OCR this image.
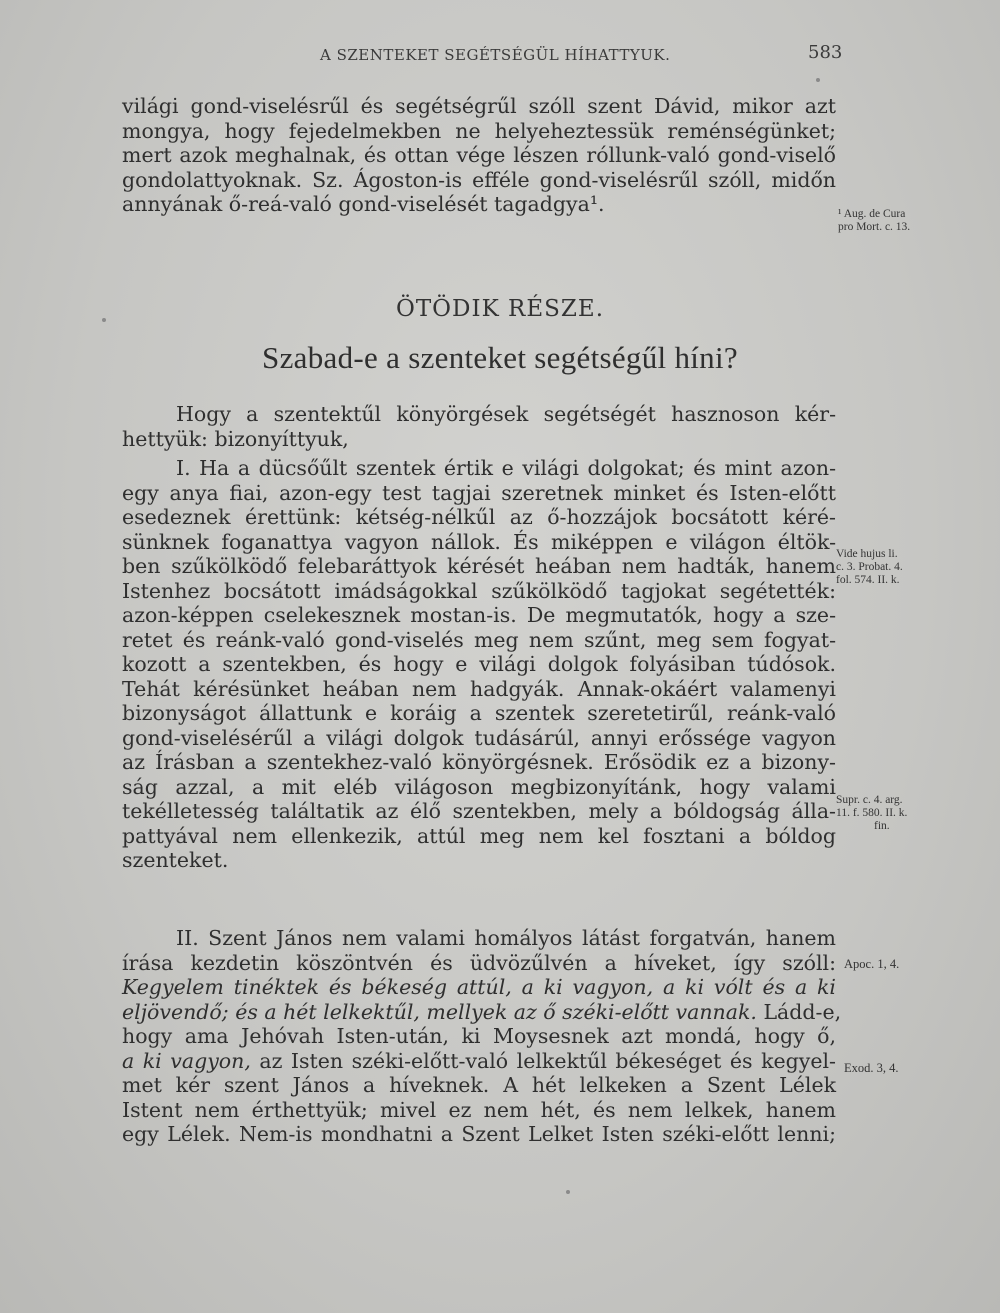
A SZENTEKET SEGÉTSÉGÜL HÍHATTYUK.	583
világi gond-viselésrűl és segétségrűl szóll szent Dávid, mikor azt
mongya, hogy fejedelmekben ne helyeheztessük reménségünket;
mert azok meghalnak, és ottan vége lészen róllunk-való gond-viselő
gondolattyoknak. Sz. Ágoston-is efféle gond-viselésrűl szóll, midőn
annyának ő-reá-való gond-viselését tagadgya¹.	¹ Aug. de Cura
pro Mort. c. 13.
ÖTÖDIK RÉSZE.
Szabad-e a szenteket segétségűl híni?
Hogy a szentektűl könyörgések segétségét hasznoson kér-
hettyük: bizonyíttyuk,
I. Ha a dücsőűlt szentek értik e világi dolgokat; és mint azon-
egy anya fiai, azon-egy test tagjai szeretnek minket és Isten-előtt
esedeznek érettünk: kétség-nélkűl az ő-hozzájok bocsátott kéré-
sünknek foganattya vagyon nállok. És miképpen e világon éltök-
ben szűkölködő felebaráttyok kérését heában nem hadták, hanem
Istenhez bocsátott imádságokkal szűkölködő tagjokat segétették:
azon-képpen cselekesznek mostan-is. De megmutatók, hogy a sze-
retet és reánk-való gond-viselés meg nem szűnt, meg sem fogyat-
kozott a szentekben, és hogy e világi dolgok folyásiban túdósok.
Tehát kérésünket heában nem hadgyák. Annak-okáért valamenyi
bizonyságot állattunk e koráig a szentek szeretetirűl, reánk-való
gond-viselésérűl a világi dolgok tudásárúl, annyi erőssége vagyon
az Írásban a szentekhez-való könyörgésnek. Erősödik ez a bizony-
ság azzal, a mit eléb világoson megbizonyítánk, hogy valami
tekélletesség találtatik az élő szentekben, mely a bóldogság álla-
pattyával nem ellenkezik, attúl meg nem kel fosztani a bóldog
szenteket.
Vide hujus li.
c. 3. Probat. 4.
fol. 574. II. k.
Supr. c. 4. arg.
11. f. 580. II. k.
fin.
II. Szent János nem valami homályos látást forgatván, hanem
írása kezdetin köszöntvén és üdvözűlvén a híveket, így szóll:
Kegyelem tinéktek és békeség attúl, a ki vagyon, a ki vólt és a ki
eljövendő; és a hét lelkektűl, mellyek az ő széki-előtt vannak. Ládd-e,
hogy ama Jehóvah Isten-után, ki Moysesnek azt mondá, hogy ő,
a ki vagyon, az Isten széki-előtt-való lelkektűl békeséget és kegyel-
met kér szent János a híveknek. A hét lelkeken a Szent Lélek
Istent nem érthettyük; mivel ez nem hét, és nem lelkek, hanem
egy Lélek. Nem-is mondhatni a Szent Lelket Isten széki-előtt lenni;
Apoc. 1, 4.
Exod. 3, 4.
